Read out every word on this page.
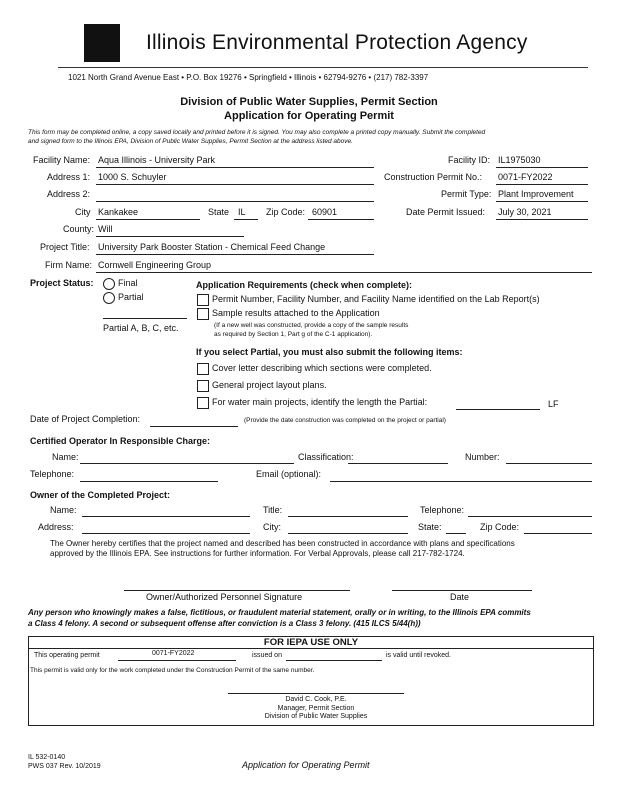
Illinois Environmental Protection Agency
1021 North Grand Avenue East • P.O. Box 19276 • Springfield • Illinois • 62794-9276 • (217) 782-3397
Division of Public Water Supplies, Permit Section
Application for Operating Permit
This form may be completed online, a copy saved locally and printed before it is signed. You may also complete a printed copy manually. Submit the completed
and signed form to the Illinois EPA, Division of Public Water Supplies, Permit Section at the address listed above.
Facility Name: Aqua Illinois - University Park	Facility ID: IL1975030
Address 1: 1000 S. Schuyler	Construction Permit No.: 0071-FY2022
Address 2:	Permit Type: Plant Improvement
City Kankakee	State IL Zip Code: 60901	Date Permit Issued: July 30, 2021
County: Will
Project Title: University Park Booster Station - Chemical Feed Change
Firm Name: Cornwell Engineering Group
Project Status:	Final
Partial
Partial A, B, C, etc.
Application Requirements (check when complete):
Permit Number, Facility Number, and Facility Name identified on the Lab Report(s)
Sample results attached to the Application
(If a new well was constructed, provide a copy of the sample results
as required by Section 1, Part g of the C-1 application).
If you select Partial, you must also submit the following items:
Cover letter describing which sections were completed.
General project layout plans.
For water main projects, identify the length the Partial:	LF
Date of Project Completion:	(Provide the date construction was completed on the project or partial)
Certified Operator In Responsible Charge:
Name:	Classification:	Number:
Telephone:	Email (optional):
Owner of the Completed Project:
Name:	Title:	Telephone:
Address:	City:	State:	Zip Code:
The Owner hereby certifies that the project named and described has been constructed in accordance with plans and specifications
approved by the Illinois EPA. See instructions for further information. For Verbal Approvals, please call 217-782-1724.
Owner/Authorized Personnel Signature	Date
Any person who knowingly makes a false, fictitious, or fraudulent material statement, orally or in writing, to the Illinois EPA commits
a Class 4 felony. A second or subsequent offense after conviction is a Class 3 felony. (415 ILCS 5/44(h))
FOR IEPA USE ONLY
This operating permit	0071-FY2022	issued on	is valid until revoked.
This permit is valid only for the work completed under the Construction Permit of the same number.
David C. Cook, P.E.
Manager, Permit Section
Division of Public Water Supplies
IL 532-0140
PWS 037 Rev. 10/2019	Application for Operating Permit
